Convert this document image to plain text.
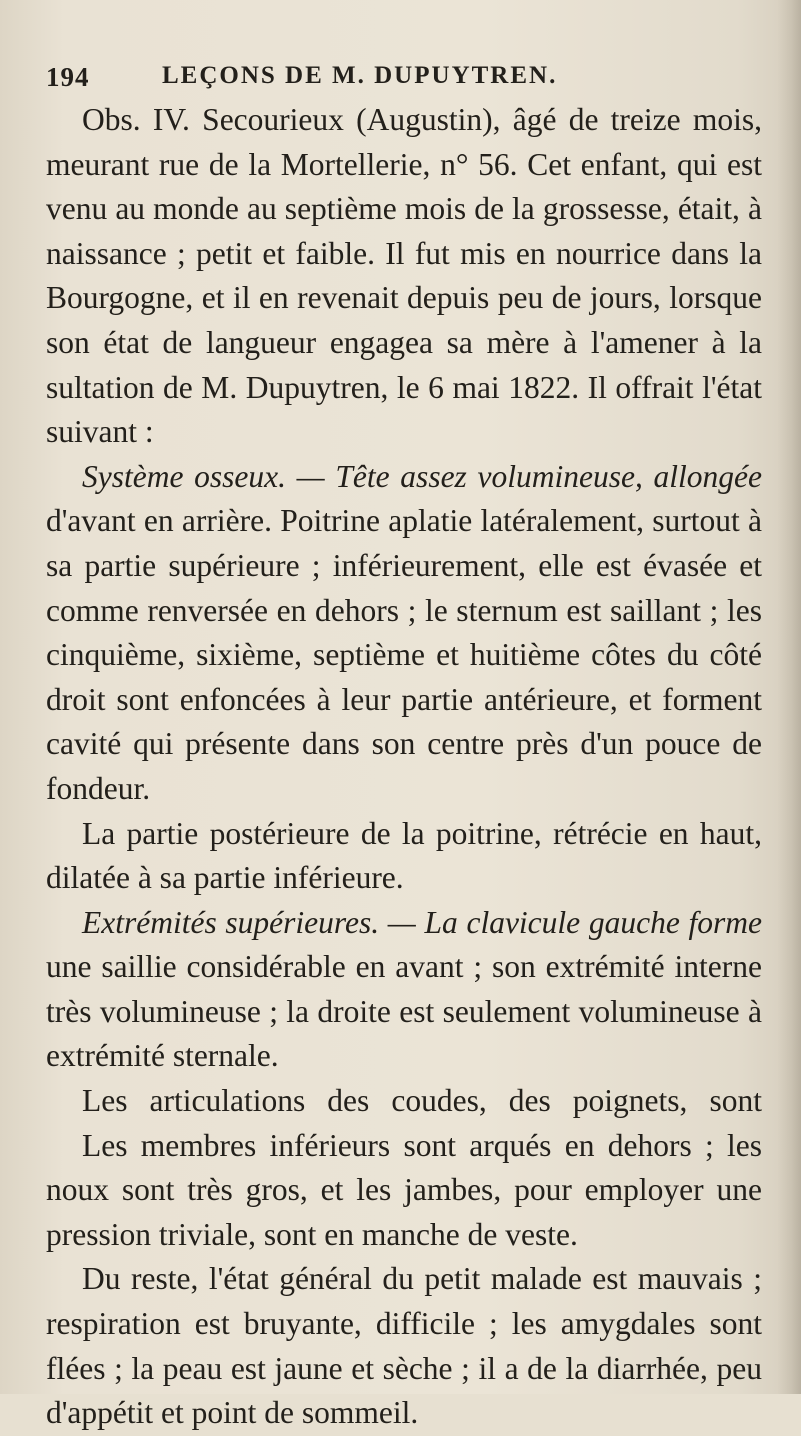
194	LEÇONS DE M. DUPUYTREN.
Obs. IV. Secourieux (Augustin), âgé de treize mois,
meurant rue de la Mortellerie, n° 56. Cet enfant, qui est
venu au monde au septième mois de la grossesse, était, à
naissance ; petit et faible. Il fut mis en nourrice dans la
Bourgogne, et il en revenait depuis peu de jours, lorsque
son état de langueur engagea sa mère à l'amener à la
sultation de M. Dupuytren, le 6 mai 1822. Il offrait l'état
suivant :
Système osseux. — Tête assez volumineuse, allongée
d'avant en arrière. Poitrine aplatie latéralement, surtout à
sa partie supérieure ; inférieurement, elle est évasée et
comme renversée en dehors ; le sternum est saillant ; les
cinquième, sixième, septième et huitième côtes du côté
droit sont enfoncées à leur partie antérieure, et forment
cavité qui présente dans son centre près d'un pouce de
fondeur.
La partie postérieure de la poitrine, rétrécie en haut,
dilatée à sa partie inférieure.
Extrémités supérieures. — La clavicule gauche forme
une saillie considérable en avant ; son extrémité interne
très volumineuse ; la droite est seulement volumineuse à
extrémité sternale.
Les articulations des coudes, des poignets, sont
Les membres inférieurs sont arqués en dehors ; les
noux sont très gros, et les jambes, pour employer une
pression triviale, sont en manche de veste.
Du reste, l'état général du petit malade est mauvais ;
respiration est bruyante, difficile ; les amygdales sont
flées ; la peau est jaune et sèche ; il a de la diarrhée, peu
d'appétit et point de sommeil.
